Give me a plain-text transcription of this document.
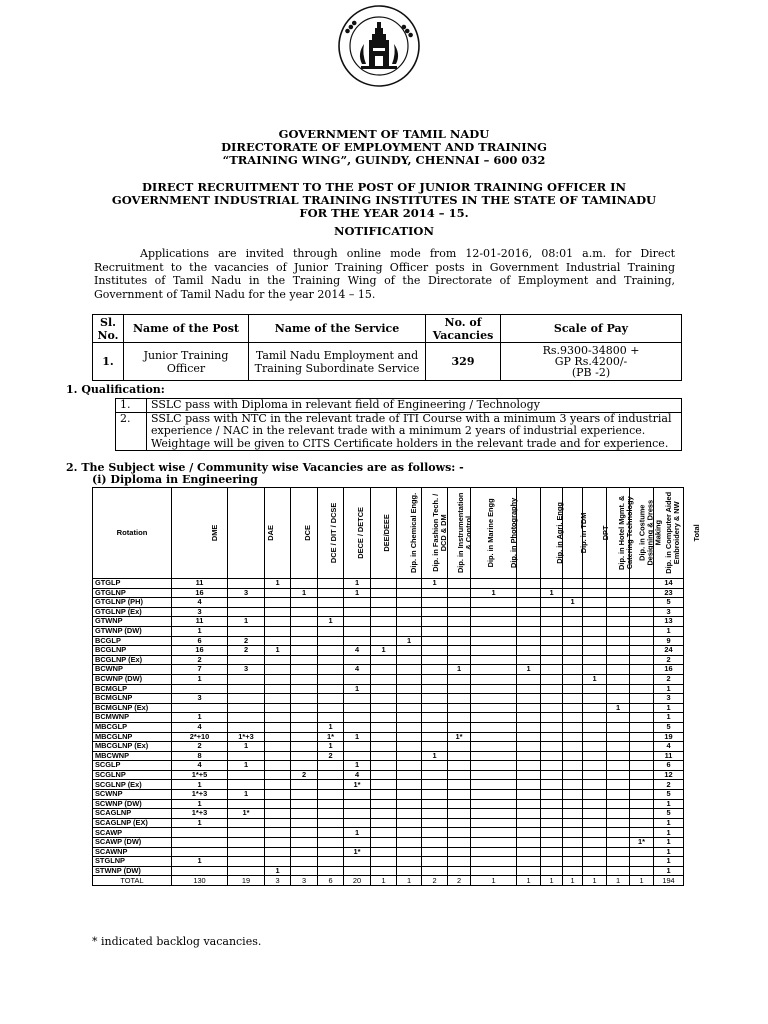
●●●	●●●
GOVERNMENT OF TAMIL NADU
DIRECTORATE OF EMPLOYMENT AND TRAINING
“TRAINING WING”, GUINDY, CHENNAI – 600 032
DIRECT RECRUITMENT TO THE POST OF JUNIOR TRAINING OFFICER IN
GOVERNMENT INDUSTRIAL TRAINING INSTITUTES IN THE STATE OF TAMINADU
FOR THE YEAR 2014 – 15.
NOTIFICATION
Applications are invited through online mode from 12-01-2016, 08:01 a.m. for Direct Recruitment to the vacancies of Junior Training Officer posts in Government Industrial Training Institutes of Tamil Nadu in the Training Wing of the Directorate of Employment and Training, Government of Tamil Nadu for the year 2014 – 15.
Sl. No.	Name of the Post	Name of the Service	No. of Vacancies	Scale of Pay
1.	Junior Training Officer	Tamil Nadu Employment and Training Subordinate Service	329	Rs.9300-34800 +
GP Rs.4200/-
(PB -2)
1. Qualification:
1.	SSLC pass with Diploma in relevant field of Engineering / Technology
2.	SSLC pass with NTC in the relevant trade of ITI Course with a minimum 3 years of industrial experience / NAC in the relevant trade with a minimum 2 years of industrial experience.
Weightage will be given to CITS Certificate holders in the relevant trade and for experience.
2. The Subject wise / Community wise Vacancies are as follows: -
(i) Diploma in Engineering
Rotation	DME	DAE	DCE	DCE / DIT / DCSE	DECE / DETCE	DEE/DEEE	Dip. in Chemical Engg.	Dip. in Fashion Tech. / DCD & DM	Dip. in Instrumentation & Control	Dip. in Marine Engg	Dip. in Photography	Dip. in Agri. Engg	Dip. in TDM	DPT	Dip. in Hotel Mgmt. & Catering Technology	Dip. in Costume Designing & Dress Making	Dip. in Computer Aided Embroidery & NW	Total
GTGLP	11		1			1			1									14
GTGLNP	16	3		1		1					1		1					23
GTGLNP (PH)	4													1				5
GTGLNP (Ex)	3																	3
GTWNP	11	1			1													13
GTWNP (DW)	1																	1
BCGLP	6	2						1										9
BCGLNP	16	2	1			4	1											24
BCGLNP (Ex)	2																	2
BCWNP	7	3				4				1		1						16
BCWNP (DW)	1														1			2
BCMGLP						1												1
BCMGLNP	3																	3
BCMGLNP (Ex)																1		1
BCMWNP	1																	1
MBCGLP	4				1													5
MBCGLNP	2*+10	1*+3			1*	1				1*								19
MBCGLNP (Ex)	2	1			1													4
MBCWNP	8				2				1									11
SCGLP	4	1				1												6
SCGLNP	1*+5			2		4												12
SCGLNP (Ex)	1					1*												2
SCWNP	1*+3	1																5
SCWNP (DW)	1																	1
SCAGLNP	1*+3	1*																5
SCAGLNP (EX)	1																	1
SCAWP						1												1
SCAWP (DW)																	1*	1
SCAWNP						1*												1
STGLNP	1																	1
STWNP (DW)			1															1
TOTAL	130	19	3	3	6	20	1	1	2	2	1	1	1	1	1	1	1	194
* indicated backlog vacancies.
